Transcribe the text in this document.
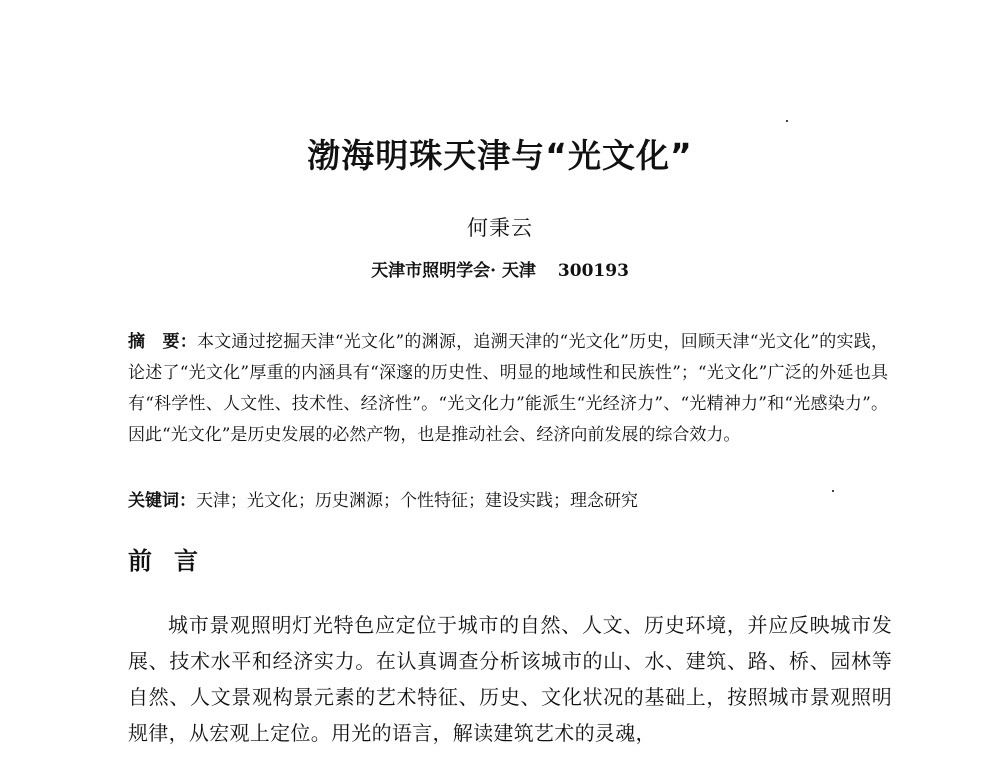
渤海明珠天津与“光文化”
何秉云
天津市照明学会· 天津 300193
摘　要：本文通过挖掘天津“光文化”的渊源，追溯天津的“光文化”历史，回顾天津“光文化”的实践，论述了“光文化”厚重的内涵具有“深邃的历史性、明显的地域性和民族性”；“光文化”广泛的外延也具有“科学性、人文性、技术性、经济性”。“光文化力”能派生“光经济力”、“光精神力”和“光感染力”。因此“光文化”是历史发展的必然产物，也是推动社会、经济向前发展的综合效力。
关键词：天津；光文化；历史渊源；个性特征；建设实践；理念研究
前言
城市景观照明灯光特色应定位于城市的自然、人文、历史环境，并应反映城市发展、技术水平和经济实力。在认真调查分析该城市的山、水、建筑、路、桥、园林等自然、人文景观构景元素的艺术特征、历史、文化状况的基础上，按照城市景观照明规律，从宏观上定位。用光的语言，解读建筑艺术的灵魂，
